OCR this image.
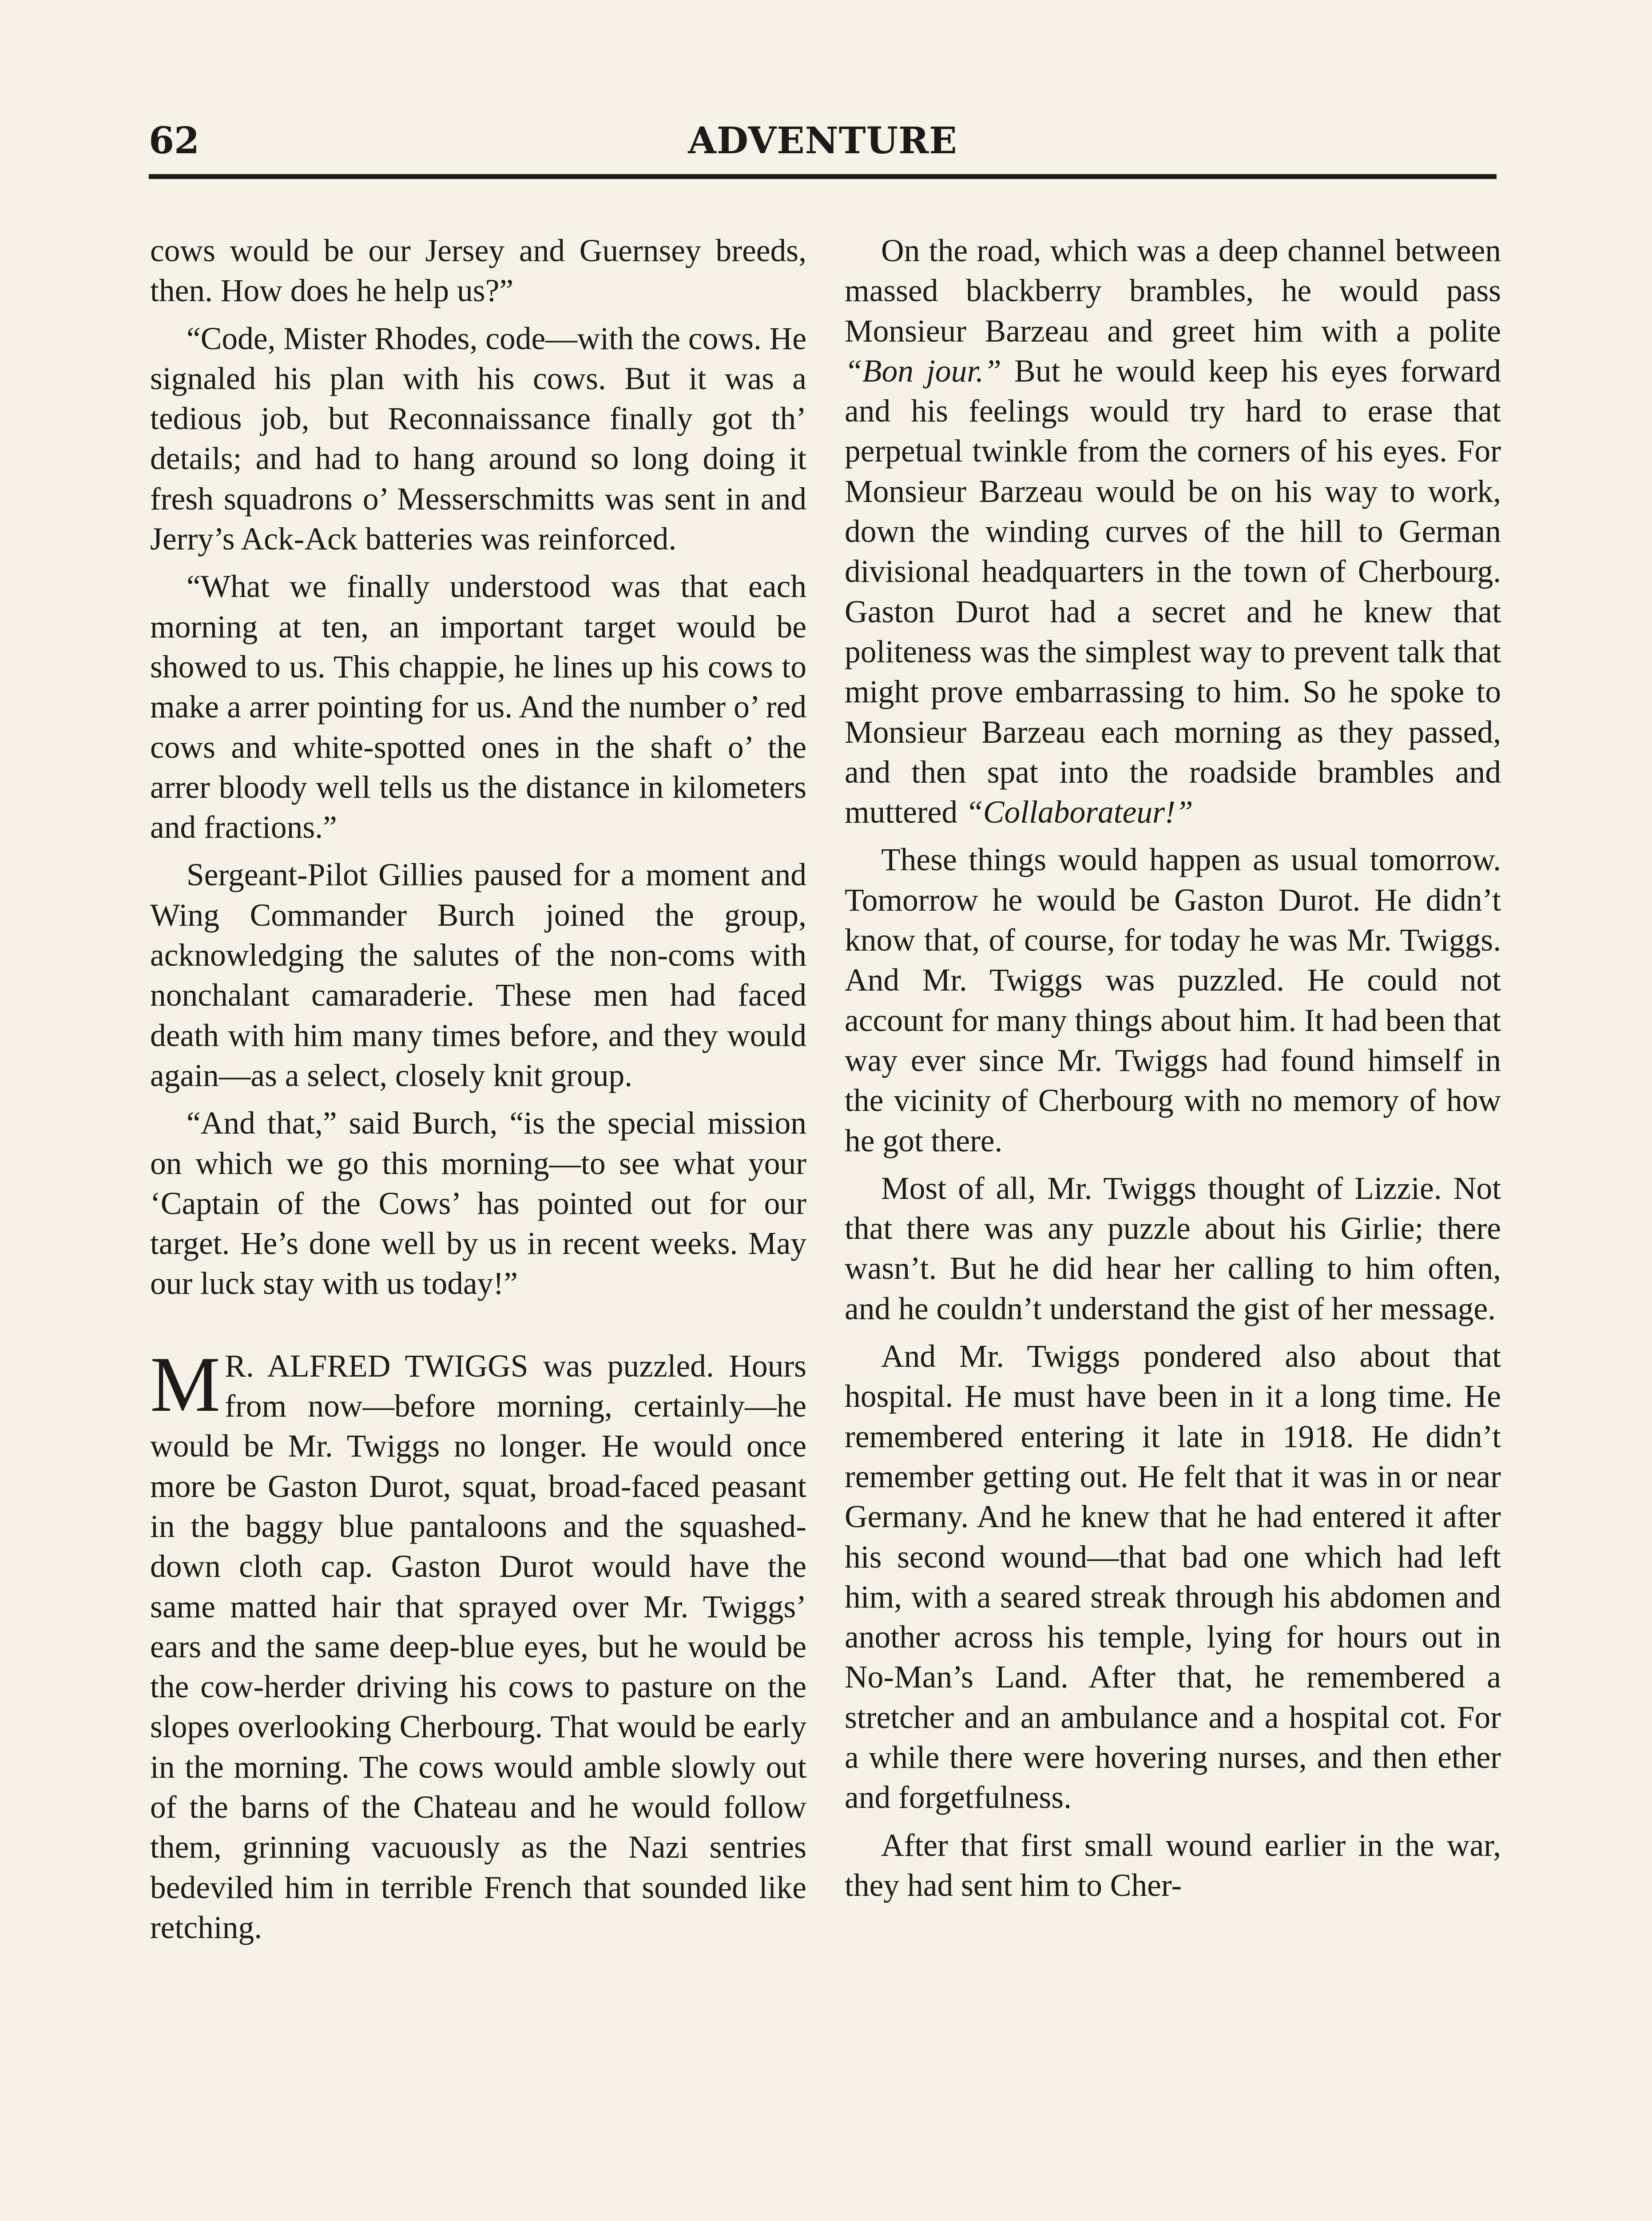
62	ADVENTURE

cows would be our Jersey and Guernsey breeds, then. How does he help us?”

“Code, Mister Rhodes, code—with the cows. He signaled his plan with his cows. But it was a tedious job, but Reconnaissance finally got th’ details; and had to hang around so long doing it fresh squadrons o’ Messerschmitts was sent in and Jerry’s Ack-Ack batteries was reinforced.

“What we finally understood was that each morning at ten, an important target would be showed to us. This chappie, he lines up his cows to make a arrer pointing for us. And the number o’ red cows and white-spotted ones in the shaft o’ the arrer bloody well tells us the distance in kilometers and fractions.”

Sergeant-Pilot Gillies paused for a moment and Wing Commander Burch joined the group, acknowledging the salutes of the non-coms with nonchalant camaraderie. These men had faced death with him many times before, and they would again—as a select, closely knit group.

“And that,” said Burch, “is the special mission on which we go this morning—to see what your ‘Captain of the Cows’ has pointed out for our target. He’s done well by us in recent weeks. May our luck stay with us today!”

M R. ALFRED TWIGGS was puzzled. Hours from now—before morning, certainly—he would be Mr. Twiggs no longer. He would once more be Gaston Durot, squat, broad-faced peasant in the baggy blue pantaloons and the squashed-down cloth cap. Gaston Durot would have the same matted hair that sprayed over Mr. Twiggs’ ears and the same deep-blue eyes, but he would be the cow-herder driving his cows to pasture on the slopes overlooking Cherbourg. That would be early in the morning. The cows would amble slowly out of the barns of the Chateau and he would follow them, grinning vacuously as the Nazi sentries bedeviled him in terrible French that sounded like retching.

On the road, which was a deep channel between massed blackberry brambles, he would pass Monsieur Barzeau and greet him with a polite “Bon jour.” But he would keep his eyes forward and his feelings would try hard to erase that perpetual twinkle from the corners of his eyes. For Monsieur Barzeau would be on his way to work, down the winding curves of the hill to German divisional headquarters in the town of Cherbourg. Gaston Durot had a secret and he knew that politeness was the simplest way to prevent talk that might prove embarrassing to him. So he spoke to Monsieur Barzeau each morning as they passed, and then spat into the roadside brambles and muttered “Collaborateur!”

These things would happen as usual tomorrow. Tomorrow he would be Gaston Durot. He didn’t know that, of course, for today he was Mr. Twiggs. And Mr. Twiggs was puzzled. He could not account for many things about him. It had been that way ever since Mr. Twiggs had found himself in the vicinity of Cherbourg with no memory of how he got there.

Most of all, Mr. Twiggs thought of Lizzie. Not that there was any puzzle about his Girlie; there wasn’t. But he did hear her calling to him often, and he couldn’t understand the gist of her message.

And Mr. Twiggs pondered also about that hospital. He must have been in it a long time. He remembered entering it late in 1918. He didn’t remember getting out. He felt that it was in or near Germany. And he knew that he had entered it after his second wound—that bad one which had left him, with a seared streak through his abdomen and another across his temple, lying for hours out in No-Man’s Land. After that, he remembered a stretcher and an ambulance and a hospital cot. For a while there were hovering nurses, and then ether and forgetfulness.

After that first small wound earlier in the war, they had sent him to Cher-
